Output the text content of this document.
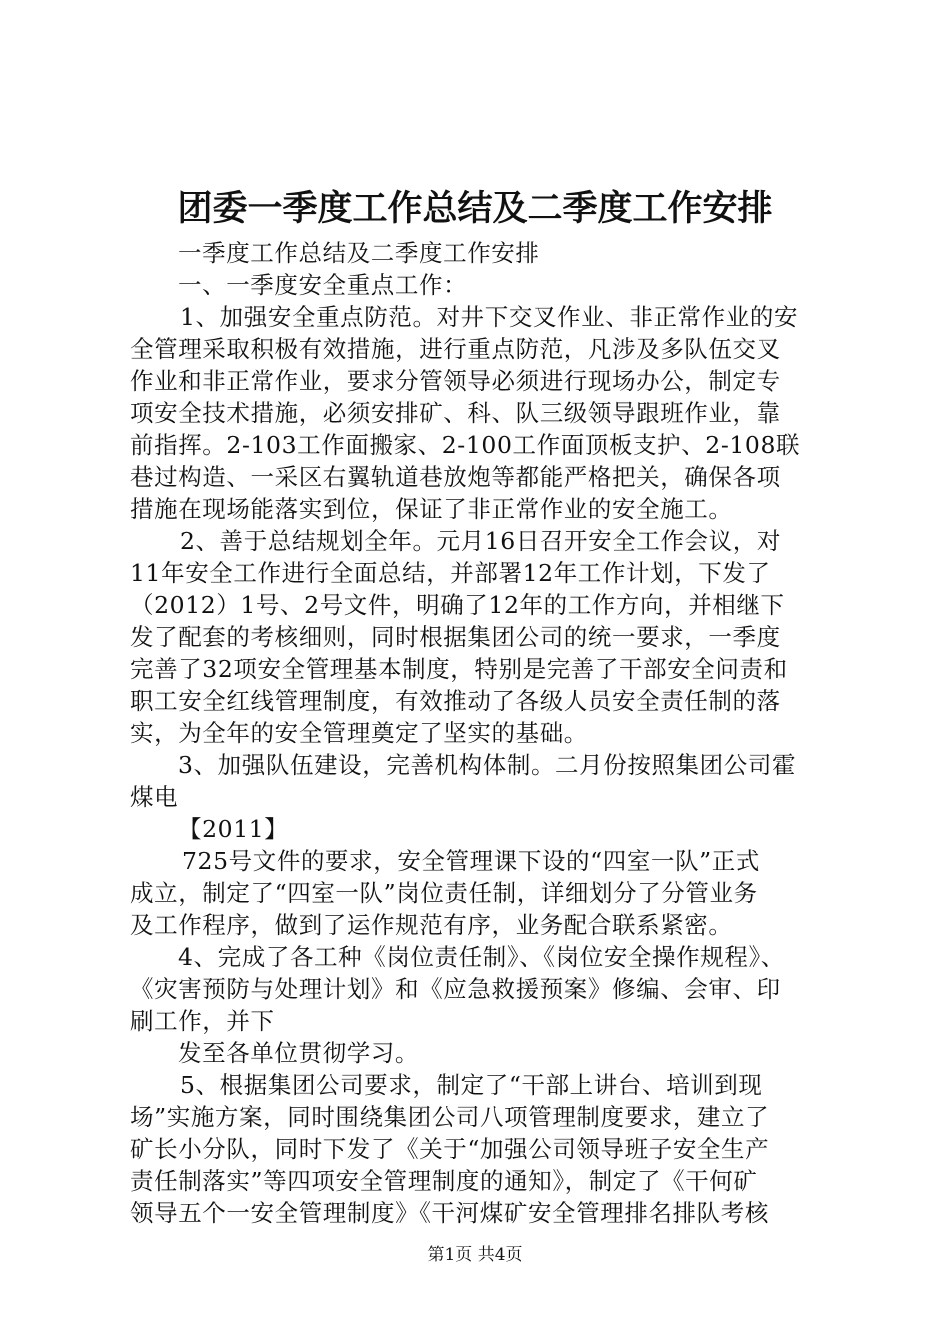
团委一季度工作总结及二季度工作安排
一季度工作总结及二季度工作安排
一、一季度安全重点工作：
1、加强安全重点防范。对井下交叉作业、非正常作业的安
全管理采取积极有效措施，进行重点防范，凡涉及多队伍交叉
作业和非正常作业，要求分管领导必须进行现场办公，制定专
项安全技术措施，必须安排矿、科、队三级领导跟班作业，靠
前指挥。2-103工作面搬家、2-100工作面顶板支护、2-108联
巷过构造、一采区右翼轨道巷放炮等都能严格把关，确保各项
措施在现场能落实到位，保证了非正常作业的安全施工。
2、善于总结规划全年。元月16日召开安全工作会议，对
11年安全工作进行全面总结，并部署12年工作计划，下发了
（2012）1号、2号文件，明确了12年的工作方向，并相继下
发了配套的考核细则，同时根据集团公司的统一要求，一季度
完善了32项安全管理基本制度，特别是完善了干部安全问责和
职工安全红线管理制度，有效推动了各级人员安全责任制的落
实，为全年的安全管理奠定了坚实的基础。
3、加强队伍建设，完善机构体制。二月份按照集团公司霍
煤电
【2011】
725号文件的要求，安全管理课下设的“四室一队”正式
成立，制定了“四室一队”岗位责任制，详细划分了分管业务
及工作程序，做到了运作规范有序，业务配合联系紧密。
4、完成了各工种《岗位责任制》、《岗位安全操作规程》、
《灾害预防与处理计划》和《应急救援预案》修编、会审、印
刷工作，并下
发至各单位贯彻学习。
5、根据集团公司要求，制定了“干部上讲台、培训到现
场”实施方案，同时围绕集团公司八项管理制度要求，建立了
矿长小分队，同时下发了《关于“加强公司领导班子安全生产
责任制落实”等四项安全管理制度的通知》，制定了《干何矿
领导五个一安全管理制度》《干河煤矿安全管理排名排队考核
第1页 共4页
